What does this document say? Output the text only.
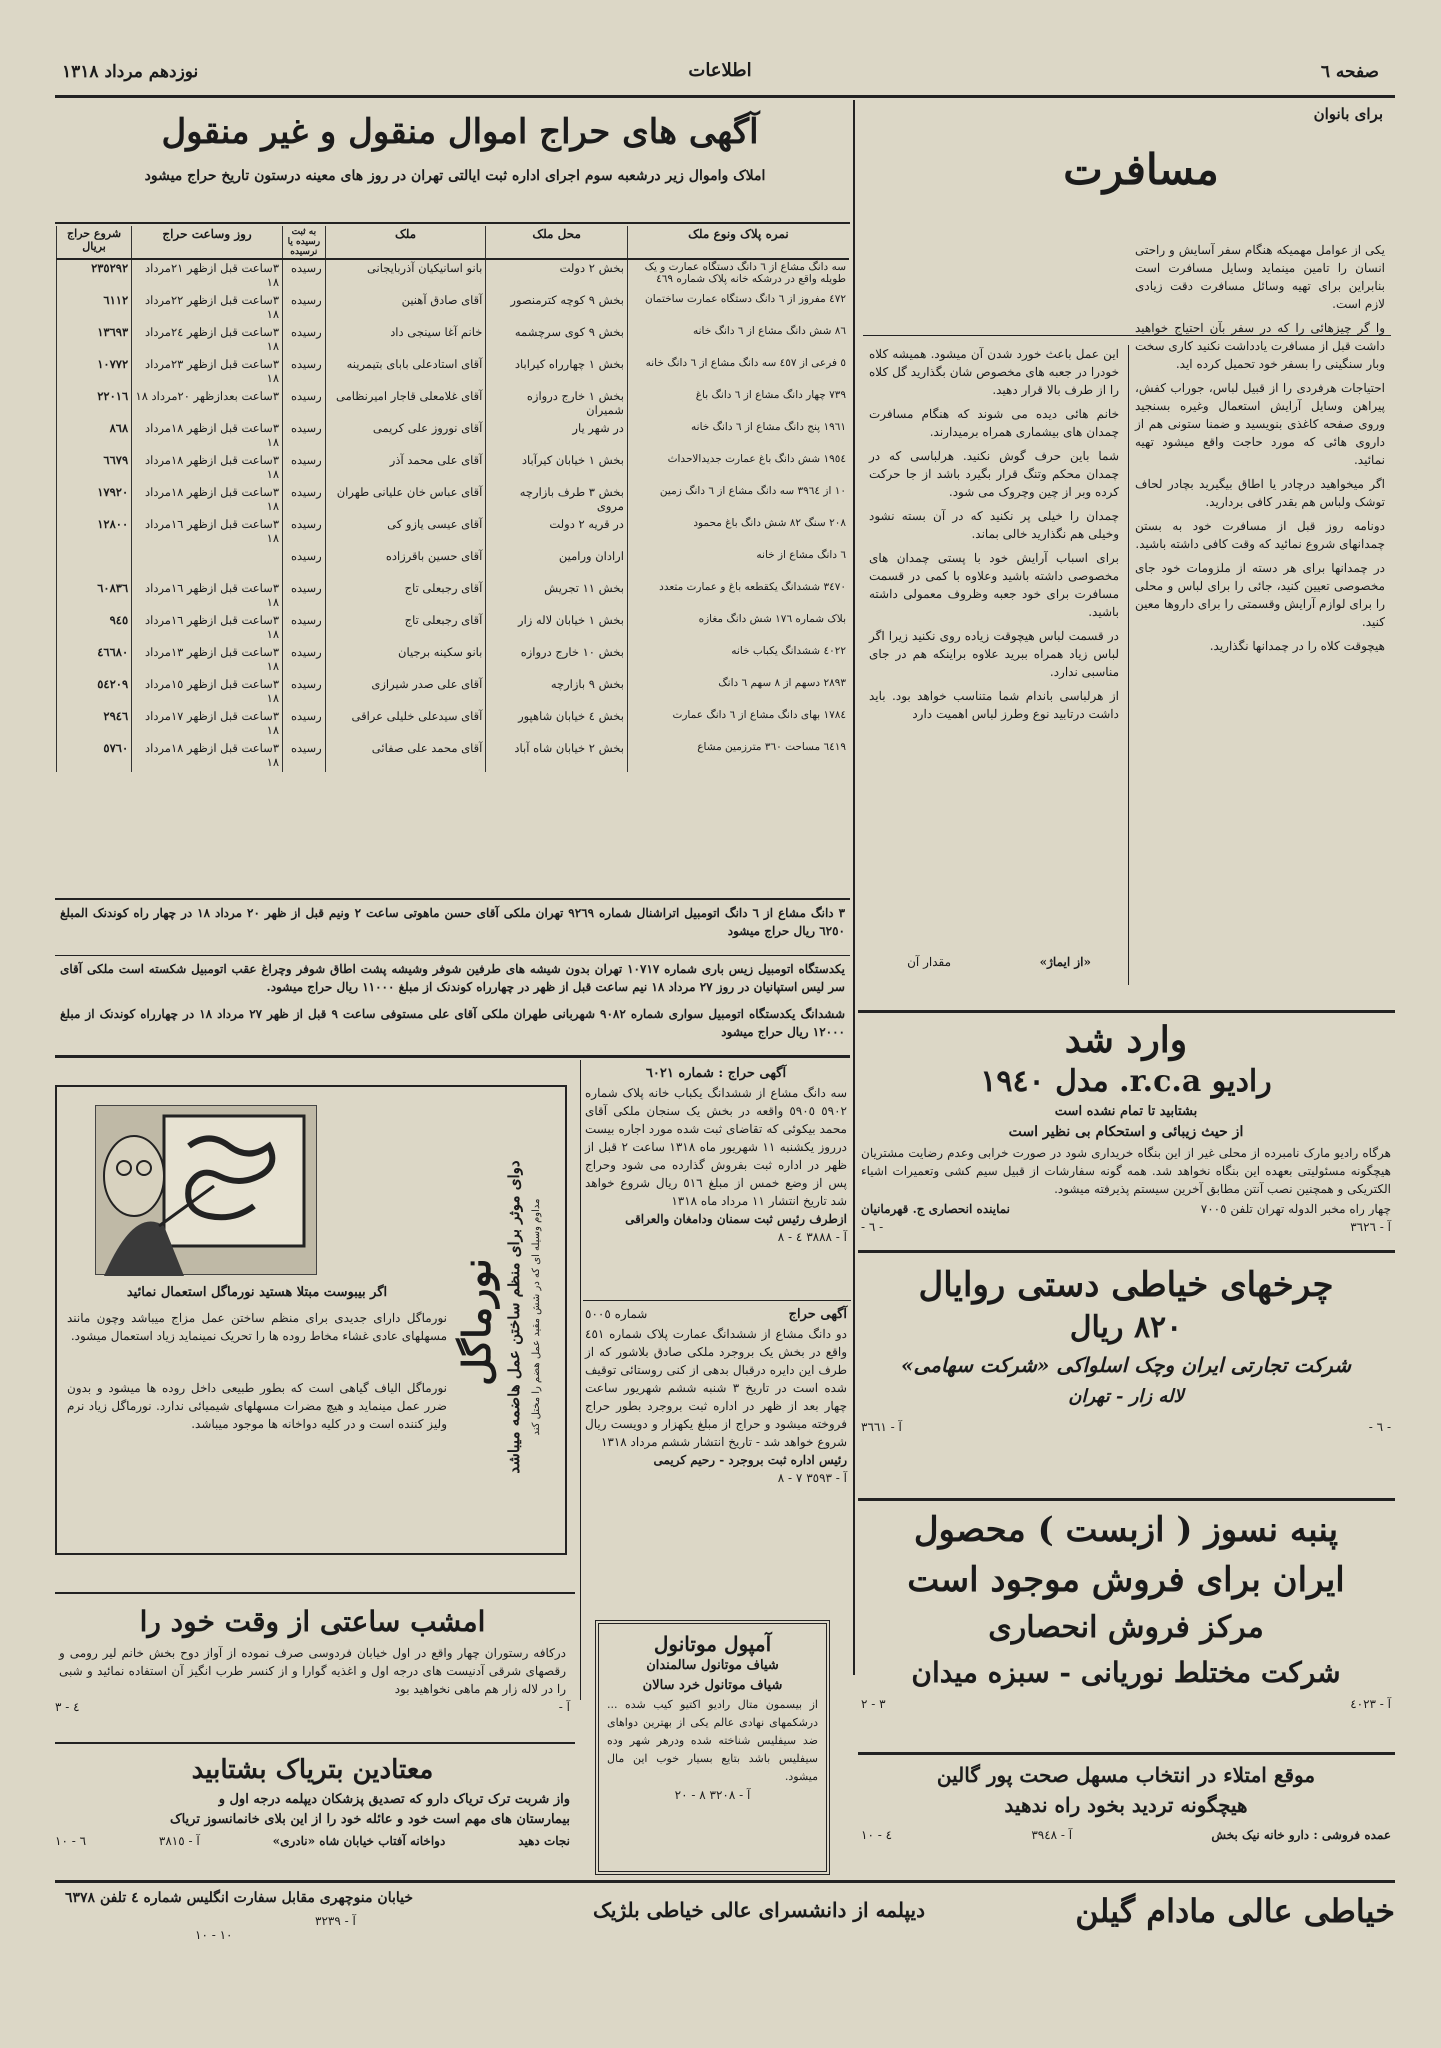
صفحه ٦
اطلاعات
نوزدهم مرداد ۱۳۱۸
برای بانوان
مسافرت

یکی از عوامل مهمیکه هنگام سفر آسایش و راحتی انسان را تامین مینماید وسایل مسافرت است بنابراین برای تهیه وسائل مسافرت دقت زیادی لازم است.

وا گر چیزهائی را که در سفر بآن احتیاج خواهید داشت قبل از مسافرت یادداشت نکنید کاری سخت وبار سنگینی را بسفر خود تحمیل کرده اید.

احتیاجات هرفردی را از قبیل لباس، جوراب کفش، پیراهن وسایل آرایش استعمال وغیره بسنجید وروی صفحه کاغذی بنویسید و ضمنا ستونی هم از داروی هائی که مورد حاجت واقع میشود تهیه نمائید.

اگر میخواهید درچادر یا اطاق بیگیرید بچادر لحاف توشک ولباس هم بقدر کافی بردارید.

دونامه روز قبل از مسافرت خود به بستن چمدانهای شروع نمائید که وقت کافی داشته باشید.

در چمدانها برای هر دسته از ملزومات خود جای مخصوصی تعیین کنید، جائی را برای لباس و محلی را برای لوازم آرایش وقسمتی را برای داروها معین کنید.

هیچوقت کلاه را در چمدانها نگذارید.

این عمل باعث خورد شدن آن میشود. همیشه کلاه خودرا در جعبه های مخصوص شان بگذارید گل کلاه را از طرف بالا قرار دهید.

خانم هائی دیده می شوند که هنگام مسافرت چمدان های بیشماری همراه برمیدارند.

شما باین حرف گوش نکنید. هرلباسی که در چمدان محکم وتنگ قرار بگیرد باشد از جا حرکت کرده وبر از چین وچروک می شود.

چمدان را خیلی پر نکنید که در آن بسته نشود وخیلی هم نگذارید خالی بماند.

برای اسباب آرایش خود با پستی چمدان های مخصوصی داشته باشید وعلاوه با کمی در قسمت مسافرت برای خود جعبه وظروف معمولی داشته باشید.

در قسمت لباس هیچوقت زیاده روی نکنید زیرا اگر لباس زیاد همراه ببرید علاوه براینکه هم در جای مناسبی ندارد.

از هرلباسی باندام شما متناسب خواهد بود. باید داشت درتابید نوع وطرز لباس اهمیت دارد

«از ایماژ»
مقدار آن
وارد شد
رادیو r.c.a. مدل ۱۹٤۰
بشتابید تا تمام نشده است
از حیث زیبائی و استحکام بی نظیر است
هرگاه رادیو مارک نامبرده از محلی غیر از این بنگاه خریداری شود در صورت خرابی وعدم رضایت مشتریان هیچگونه مسئولیتی بعهده این بنگاه نخواهد شد. همه گونه سفارشات از قبیل سیم کشی وتعمیرات اشیاء الکتریکی و همچنین نصب آنتن مطابق آخرین سیستم پذیرفته میشود.
چهار راه مخبر الدوله تهران تلفن ۷۰۰٥
نماینده انحصاری ج. قهرمانیان
آ - ۳٦٢٦
- ٦ -
چرخهای خیاطی دستی روایال
۸۲۰ ریال
شرکت تجارتی ایران وچک اسلواکی «شرکت سهامی»
لاله زار - تهران
- ٦ -
آ - ۳٦٦١
پنبه نسوز ( ازبست ) محصول
ایران برای فروش موجود است
مرکز فروش انحصاری
شرکت مختلط نوریانی - سبزه میدان
آ - ٤٠٢٣
۳ - ۲
موقع امتلاء در انتخاب مسهل صحت پور گالین
هیچگونه تردید بخود راه ندهید
عمده فروشی : دارو خانه نیک بخش
آ - ۳٩٤٨
٤ - ١٠
آگهی های حراج اموال منقول و غیر منقول
املاک واموال زیر درشعبه سوم اجرای اداره ثبت ایالتی تهران در روز های معینه درستون تاریخ حراج میشود
نمره پلاک ونوع ملک	محل ملک	ملک	به ثبت رسیده یا نرسیده	روز وساعت حراج	شروع حراج بریال
سه دانگ مشاع از ٦ دانگ دستگاه عمارت و یک طویله واقع در درشکه خانه پلاک شماره ٤٦٩	بخش ۲ دولت	بانو اسانیکیان آذربایجانی	رسیده	۳ساعت قبل ازظهر ۲۱مرداد ۱۸	۲۳٥٢٩٢
٤٧٢ مفروز از ٦ دانگ دستگاه عمارت ساختمان	بخش ۹ کوچه کترمنصور	آقای صادق آهنین	رسیده	۳ساعت قبل ازظهر ۲۲مرداد ۱۸	٦١١٢
٨٦ شش دانگ مشاع از ٦ دانگ خانه	بخش ۹ کوی سرچشمه	خانم آغا سینجی داد	رسیده	۳ساعت قبل ازظهر ٢٤مرداد ۱۸	۱۳٦٩۳
٥ فرعی از ٤٥٧ سه دانگ مشاع از ٦ دانگ خانه	بخش ۱ چهارراه کیراباد	آقای استادعلی بابای بتیمرینه	رسیده	۳ساعت قبل ازظهر ۲۳مرداد ۱۸	١٠٧٧٢
۷۳۹ چهار دانگ مشاع از ٦ دانگ باغ	بخش ۱ خارج دروازه شمیران	آقای غلامعلی قاجار امیرنظامی	رسیده	۳ساعت بعدازظهر ۲۰مرداد ۱۸	٢٢٠١٦
۱۹٦١ پنج دانگ مشاع از ٦ دانگ خانه	در شهر یار	آقای نوروز علی کریمی	رسیده	۳ساعت قبل ازظهر ۱٨مرداد ۱۸	٨٦٨
۱۹٥٤ شش دانگ باغ عمارت جدیدالاحداث	بخش ۱ خیابان کیرآباد	آقای علی محمد آذر	رسیده	۳ساعت قبل ازظهر ۱۸مرداد ۱۸	٦٦٧٩
١٠ از ٣٩٦٤ سه دانگ مشاع از ٦ دانگ زمین	بخش ۳ طرف بازارچه مروی	آقای عباس خان علیانی طهران	رسیده	۳ساعت قبل ازظهر ۱۸مرداد ۱۸	١٧٩٢٠
٢٠٨ سنگ ٨٢ شش دانگ باغ محمود	در قریه ۲ دولت	آقای عیسی یازو کی	رسیده	۳ساعت قبل ازظهر ۱٦مرداد ۱۸	١٢٨٠٠
٦ دانگ مشاع از خانه	ارادان ورامین	آقای حسین باقرزاده	رسیده		
٣٤٧٠ ششدانگ یکقطعه باغ و عمارت متعدد	بخش ۱۱ تجریش	آقای رجبعلی تاج	رسیده	۳ساعت قبل ازظهر ۱٦مرداد ۱۸	٦٠٨٣٦
بلاک شماره ١٧٦ شش دانگ مغازه	بخش ۱ خیابان لاله زار	آقای رجبعلی تاج	رسیده	۳ساعت قبل ازظهر ۱٦مرداد ۱۸	۹٤٥
٤٠٢٢ ششدانگ یکباب خانه	بخش ۱۰ خارج دروازه	بانو سکینه برجیان	رسیده	۳ساعت قبل ازظهر ۱۳مرداد ۱۸	٤٦٦٨٠
٢٨٩٣ دسهم از ٨ سهم ٦ دانگ	بخش ۹ بازارچه	آقای علی صدر شیرازی	رسیده	۳ساعت قبل ازظهر ۱٥مرداد ۱۸	٥٤٢٠٩
۱۷۸٤ بهای دانگ مشاع از ٦ دانگ عمارت	بخش ٤ خیابان شاهپور	آقای سیدعلی خلیلی عراقی	رسیده	۳ساعت قبل ازظهر ۱۷مرداد ۱۸	٢٩٤٦
٦٤١٩ مساحت ٣٦٠ مترزمین مشاع	بخش ۲ خیابان شاه آباد	آقای محمد علی صفائی	رسیده	۳ساعت قبل ازظهر ۱۸مرداد ۱۸	٥٧٦٠
۳ دانگ مشاع از ٦ دانگ اتومبیل اتراشنال شماره ۹۲٦٩ تهران ملکی آقای حسن ماهوتی ساعت ۲ ونیم قبل از ظهر ۲۰ مرداد ۱۸ در چهار راه کوندنک المبلغ ٦٢٥٠ ریال حراج میشود
یکدستگاه اتومبیل زیس باری شماره ۱۰۷۱۷ تهران بدون شیشه های طرفین شوفر وشیشه پشت اطاق شوفر وچراغ عقب اتومبیل شکسته است ملکی آقای سر لیس استپانیان در روز ۲۷ مرداد ۱۸ نیم ساعت قبل از ظهر در چهارراه کوندنک از مبلغ ۱۱۰۰۰ ریال حراج میشود.
ششدانگ یکدستگاه اتومبیل سواری شماره ۹۰۸۲ شهربانی طهران ملکی آقای علی مستوفی ساعت ۹ قبل از ظهر ۲۷ مرداد ۱۸ در چهارراه کوندنک از مبلغ ۱۲۰۰۰ ریال حراج میشود
نورماگل دوای موثر برای منظم ساختن عمل هاضمه میباشد مداوم وسیله ای که در شش مقید عمل هضم را مختل کند
اگر بیبوست مبتلا هستید نورماگل استعمال نمائید
نورماگل دارای جدیدی برای منظم ساختن عمل مزاج میباشد وچون مانند مسهلهای عادی غشاء مخاط روده ها را تحریک نمینماید زیاد استعمال میشود.
نورماگل الیاف گیاهی است که بطور طبیعی داخل روده ها میشود و بدون ضرر عمل مینماید و هیچ مضرات مسهلهای شیمیائی ندارد. نورماگل زیاد نرم ولیز کننده است و در کلیه دواخانه ها موجود میباشد.
آگهی حراج : شماره ٦٠٢١
سه دانگ مشاع از ششدانگ یکباب خانه پلاک شماره ٥٩٠٢ ٥٩٠٥ واقعه در بخش یک سنجان ملکی آقای محمد بیکوئی که تقاضای ثبت شده مورد اجاره بیست درروز یکشنبه ۱۱ شهریور ماه ۱۳۱۸ ساعت ۲ قبل از ظهر در اداره ثبت بفروش گذارده می شود وحراج پس از وضع خمس از مبلغ ٥١٦ ریال شروع خواهد شد تاریخ انتشار ۱۱ مرداد ماه ۱۳۱۸
ازطرف رئیس ثبت سمنان ودامغان والعراقی
آ - ۳۸۸۸ ٤ - ٨
آگهی حراج
شماره ٥٠٠٥
دو دانگ مشاع از ششدانگ عمارت پلاک شماره ٤٥١ واقع در بخش یک بروجرد ملکی صادق بلاشور که از طرف این دایره درقبال بدهی از کنی روستائی توقیف شده است در تاریخ ۳ شنبه ششم شهریور ساعت چهار بعد از ظهر در اداره ثبت بروجرد بطور حراج فروخته میشود و حراج از مبلغ یکهزار و دویست ریال شروع خواهد شد - تاریخ انتشار ششم مرداد ۱۳۱۸
رئیس اداره ثبت بروجرد - رحیم کریمی
آ - ۳٥٩۳ ۷ - ۸
امشب ساعتی از وقت خود را
درکافه رستوران چهار واقع در اول خیابان فردوسی صرف نموده از آواز دوح بخش خانم لیر رومی و رقصهای شرقی آدنیست های درجه اول و اغذیه گوارا و از کنسر طرب انگیز آن استفاده نمائید و شبی را در لاله زار هم ماهی نخواهید بود
آ -
٤ - ۳
آمپول موتانول
شیاف موتانول سالمندان
شیاف موتانول خرد سالان
از بیسمون متال رادیو اکتیو کیب شده ... درشکمهای نهادی عالم یکی از بهترین دواهای ضد سیفلیس شناخته شده ودرهر شهر وده سیفلیس باشد بتایع بسیار خوب این مال میشود.
آ - ۳۲۰٨ ۸ - ۲۰
معتادین بتریاک بشتابید
واز شربت ترک تریاک دارو که تصدیق پزشکان دیپلمه درجه اول و
بیمارستان های مهم است خود و عائله خود را از این بلای خانمانسوز تریاک
نجات دهید
دواخانه آفتاب خیابان شاه «نادری»
آ - ۳۸۱٥
٦ - ١٠
خیاطی عالی مادام گیلن
دیپلمه از دانشسرای عالی خیاطی بلژیک
خیابان منوچهری مقابل سفارت انگلیس شماره ٤ تلفن ٦۳۷۸
آ - ۳۲۳۹
١٠ - ١٠
